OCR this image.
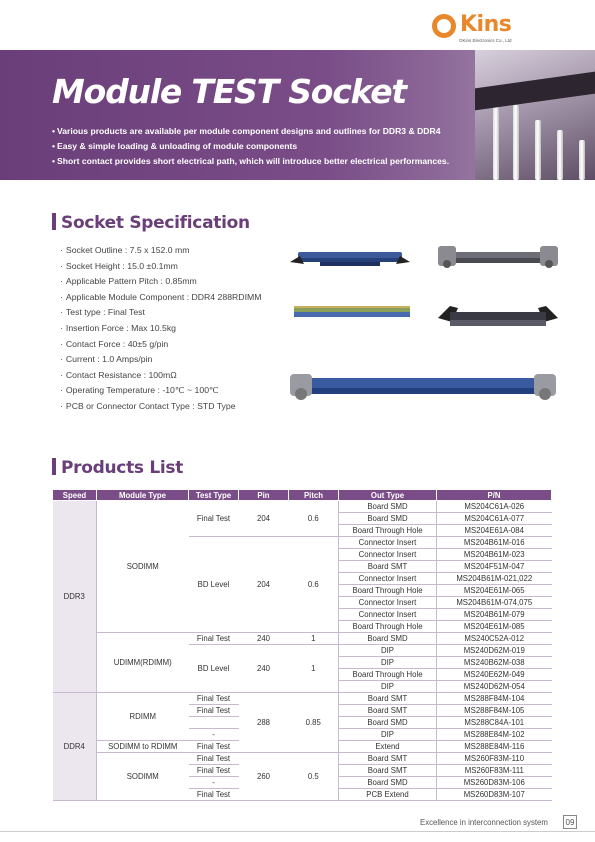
Kins
OKins Electronics Co., Ltd
Module TEST Socket
• Various products are available per module component designs and outlines for DDR3 & DDR4
• Easy & simple loading & unloading of module components
• Short contact provides short electrical path, which will introduce better electrical performances.
Socket Specification
· Socket Outline : 7.5 x 152.0 mm
· Socket Height : 15.0 ±0.1mm
· Applicable Pattern Pitch : 0.85mm
· Applicable Module Component : DDR4 288RDIMM
· Test type : Final Test
· Insertion Force : Max 10.5kg
· Contact Force : 40±5 g/pin
· Current : 1.0 Amps/pin
· Contact Resistance : 100mΩ
· Operating Temperature : -10℃ ~ 100℃
· PCB or Connector Contact Type : STD Type
Products List
Speed	Module Type	Test Type	Pin	Pitch	Out Type	P/N
DDR3	SODIMM	Final Test	204	0.6	Board SMD	MS204C61A-026
					Board SMD	MS204C61A-077
					Board Through Hole	MS204E61A-084
		BD Level	204	0.6	Connector Insert	MS204B61M-016
					Connector Insert	MS204B61M-023
					Board SMT	MS204F51M-047
					Connector Insert	MS204B61M-021,022
					Board Through Hole	MS204E61M-065
					Connector Insert	MS204B61M-074,075
					Connector Insert	MS204B61M-079
					Board Through Hole	MS204E61M-085
	UDIMM(RDIMM)	Final Test	240	1	Board SMD	MS240C52A-012
		BD Level	240	1	DIP	MS240D62M-019
					DIP	MS240B62M-038
					Board Through Hole	MS240E62M-049
					DIP	MS240D62M-054
DDR4	RDIMM	Final Test	288	0.85	Board SMT	MS288F84M-104
		Final Test			Board SMT	MS288F84M-105
					Board SMD	MS288C84A-101
		-			DIP	MS288E84M-102
	SODIMM to RDIMM	Final Test			Extend	MS288E84M-116
	SODIMM	Final Test	260	0.5	Board SMT	MS260F83M-110
		Final Test			Board SMT	MS260F83M-111
		-			Board SMD	MS260D83M-106
		Final Test			PCB Extend	MS260D83M-107
Excellence in interconnection system	09
